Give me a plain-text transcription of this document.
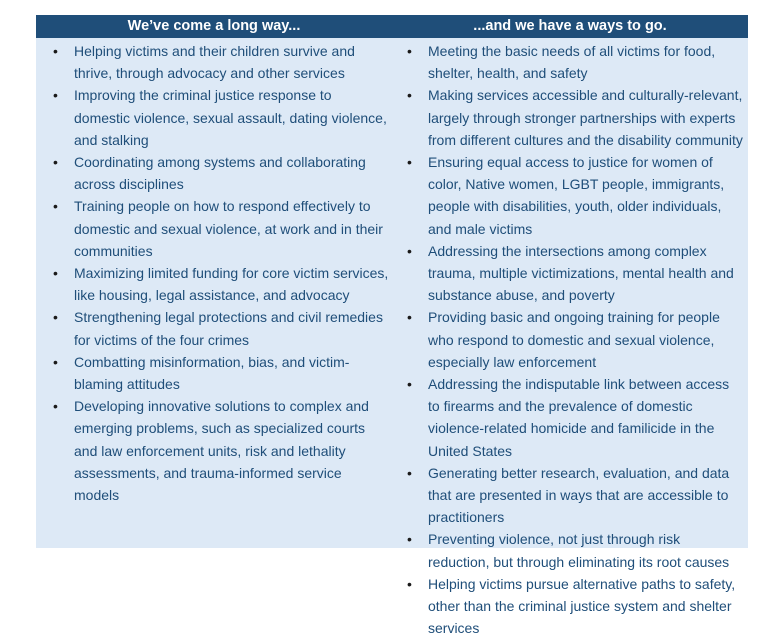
We’ve come a long way...	...and we have a ways to go.
• Helping victims and their children survive and thrive, through advocacy and other services
• Improving the criminal justice response to domestic violence, sexual assault, dating violence, and stalking
• Coordinating among systems and collaborating across disciplines
• Training people on how to respond effectively to domestic and sexual violence, at work and in their communities
• Maximizing limited funding for core victim services, like housing, legal assistance, and advocacy
• Strengthening legal protections and civil remedies for victims of the four crimes
• Combatting misinformation, bias, and victim-blaming attitudes
• Developing innovative solutions to complex and emerging problems, such as specialized courts and law enforcement units, risk and lethality assessments, and trauma-informed service models
• Meeting the basic needs of all victims for food, shelter, health, and safety
• Making services accessible and culturally-relevant, largely through stronger partnerships with experts from different cultures and the disability community
• Ensuring equal access to justice for women of color, Native women, LGBT people, immigrants, people with disabilities, youth, older individuals, and male victims
• Addressing the intersections among complex trauma, multiple victimizations, mental health and substance abuse, and poverty
• Providing basic and ongoing training for people who respond to domestic and sexual violence, especially law enforcement
• Addressing the indisputable link between access to firearms and the prevalence of domestic violence-related homicide and familicide in the United States
• Generating better research, evaluation, and data that are presented in ways that are accessible to practitioners
• Preventing violence, not just through risk reduction, but through eliminating its root causes
• Helping victims pursue alternative paths to safety, other than the criminal justice system and shelter services
